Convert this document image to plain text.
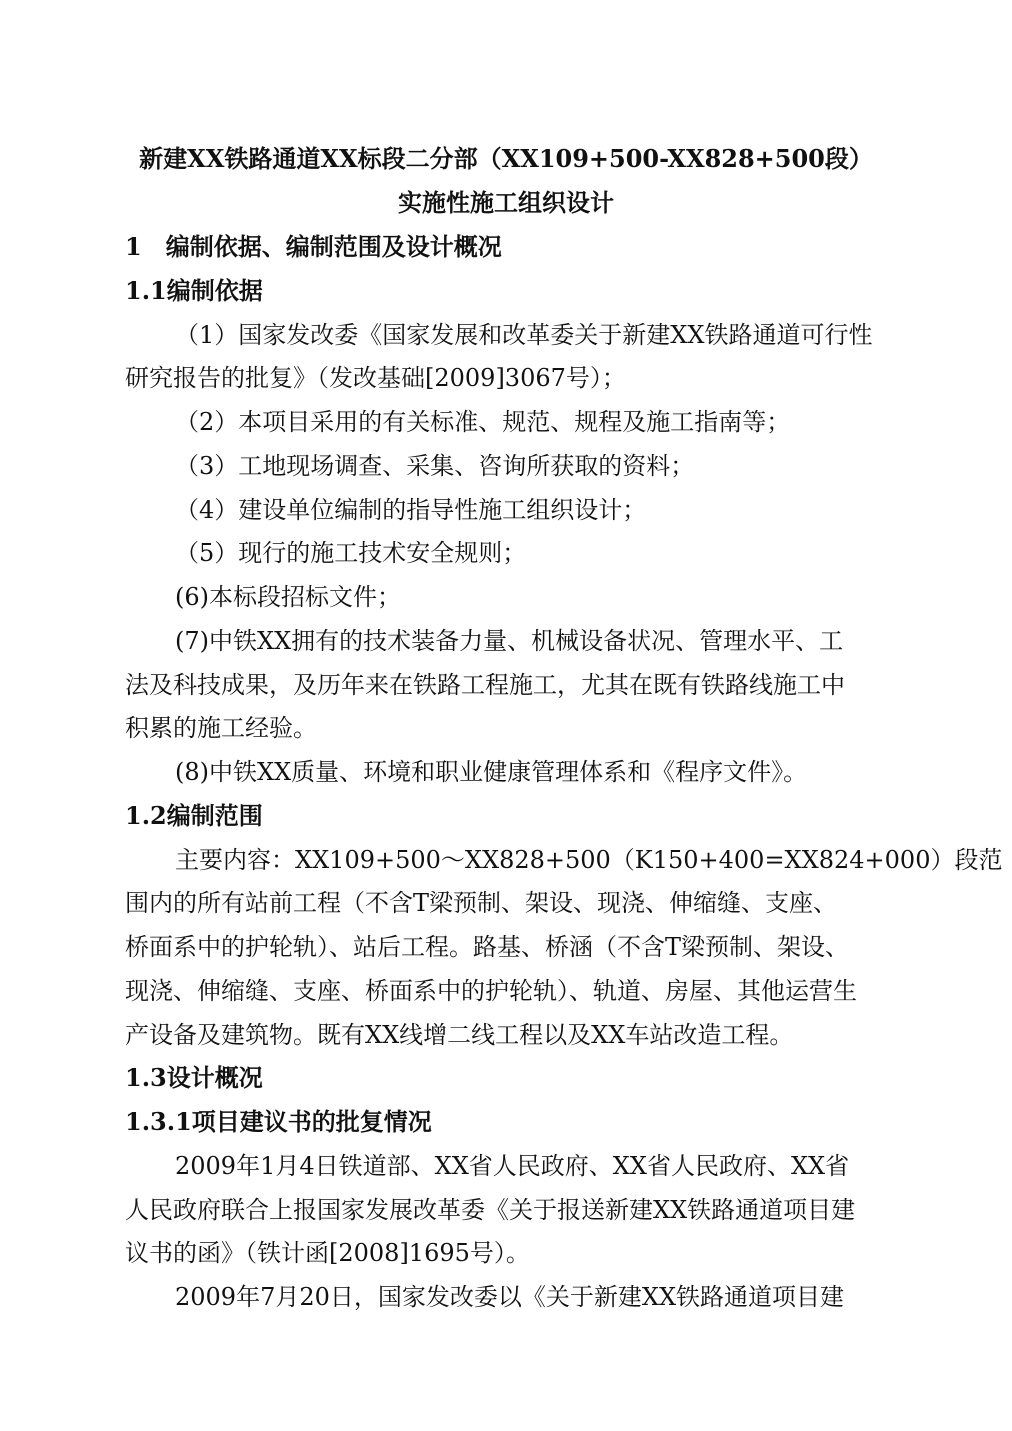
新建XX铁路通道XX标段二分部（XX109+500-XX828+500段）
实施性施工组织设计
1　编制依据、编制范围及设计概况
1.1编制依据
（1）国家发改委《国家发展和改革委关于新建XX铁路通道可行性
研究报告的批复》（发改基础[2009]3067号）；
（2）本项目采用的有关标准、规范、规程及施工指南等；
（3）工地现场调查、采集、咨询所获取的资料；
（4）建设单位编制的指导性施工组织设计；
（5）现行的施工技术安全规则；
(6)本标段招标文件；
(7)中铁XX拥有的技术装备力量、机械设备状况、管理水平、工
法及科技成果，及历年来在铁路工程施工，尤其在既有铁路线施工中
积累的施工经验。
(8)中铁XX质量、环境和职业健康管理体系和《程序文件》。
1.2编制范围
主要内容：XX109+500～XX828+500（K150+400=XX824+000）段范
围内的所有站前工程（不含T梁预制、架设、现浇、伸缩缝、支座、
桥面系中的护轮轨）、站后工程。路基、桥涵（不含T梁预制、架设、
现浇、伸缩缝、支座、桥面系中的护轮轨）、轨道、房屋、其他运营生
产设备及建筑物。既有XX线增二线工程以及XX车站改造工程。
1.3设计概况
1.3.1项目建议书的批复情况
2009年1月4日铁道部、XX省人民政府、XX省人民政府、XX省
人民政府联合上报国家发展改革委《关于报送新建XX铁路通道项目建
议书的函》（铁计函[2008]1695号）。
2009年7月20日，国家发改委以《关于新建XX铁路通道项目建
